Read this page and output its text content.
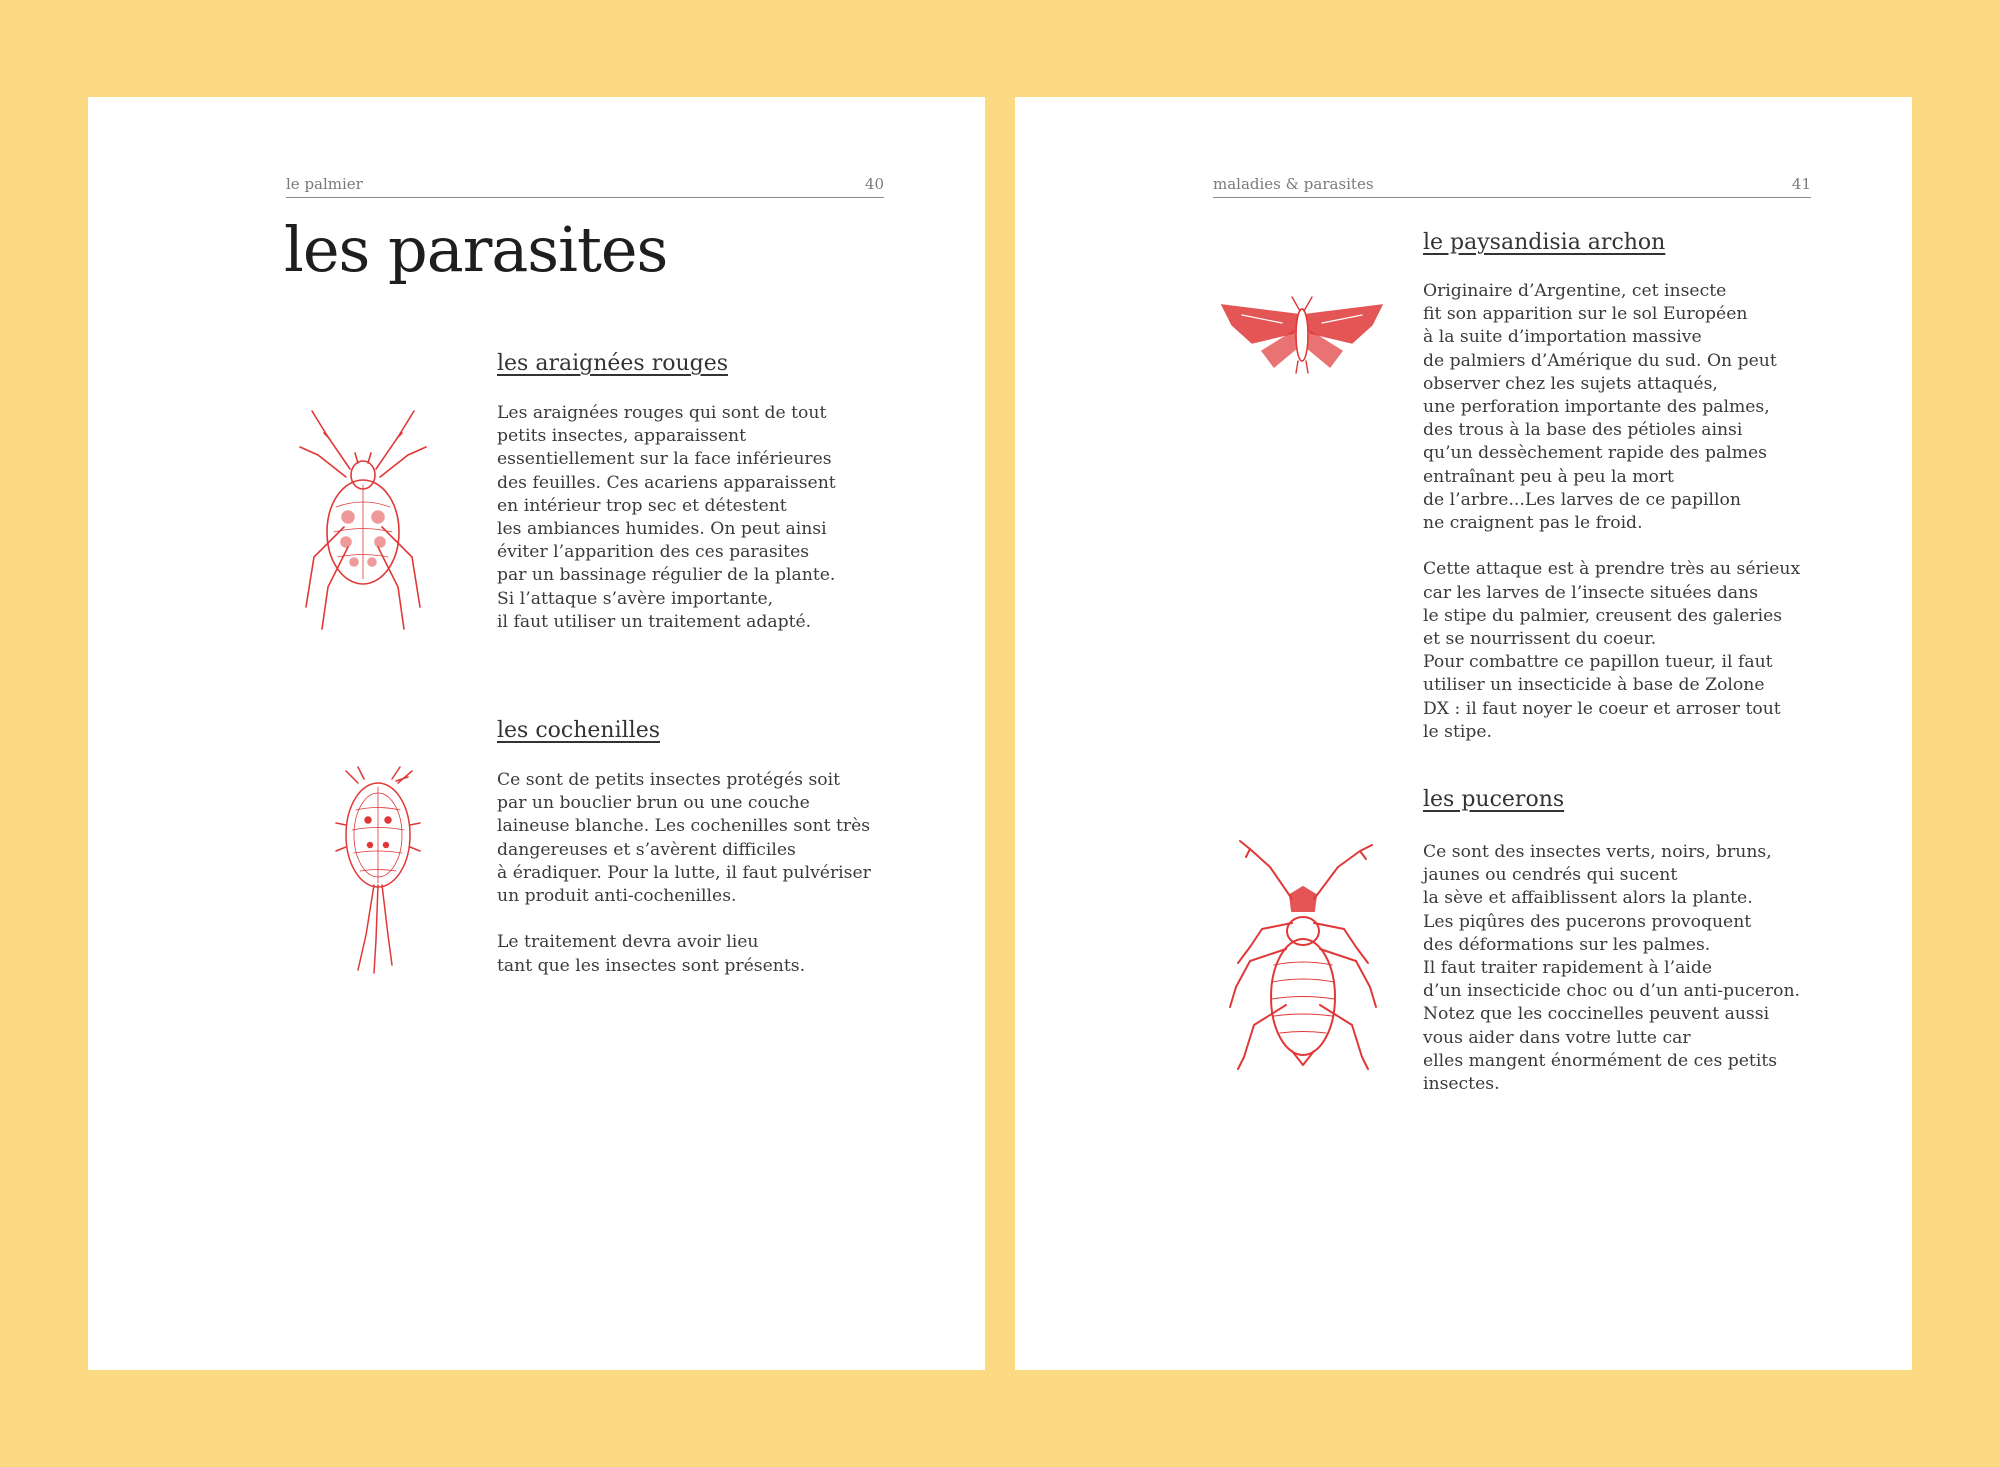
le palmier	40
les parasites
les araignées rouges
Les araignées rouges qui sont de tout
petits insectes, apparaissent
essentiellement sur la face inférieures
des feuilles. Ces acariens apparaissent
en intérieur trop sec et détestent
les ambiances humides. On peut ainsi
éviter l’apparition des ces parasites
par un bassinage régulier de la plante.
Si l’attaque s’avère importante,
il faut utiliser un traitement adapté.
les cochenilles
Ce sont de petits insectes protégés soit
par un bouclier brun ou une couche
laineuse blanche. Les cochenilles sont très
dangereuses et s’avèrent difficiles
à éradiquer. Pour la lutte, il faut pulvériser
un produit anti-cochenilles.
Le traitement devra avoir lieu
tant que les insectes sont présents.
maladies & parasites	41
le paysandisia archon
Originaire d’Argentine, cet insecte
fit son apparition sur le sol Européen
à la suite d’importation massive
de palmiers d’Amérique du sud. On peut
observer chez les sujets attaqués,
une perforation importante des palmes,
des trous à la base des pétioles ainsi
qu’un dessèchement rapide des palmes
entraînant peu à peu la mort
de l’arbre...Les larves de ce papillon
ne craignent pas le froid.
Cette attaque est à prendre très au sérieux
car les larves de l’insecte situées dans
le stipe du palmier, creusent des galeries
et se nourrissent du coeur.
Pour combattre ce papillon tueur, il faut
utiliser un insecticide à base de Zolone
DX : il faut noyer le coeur et arroser tout
le stipe.
les pucerons
Ce sont des insectes verts, noirs, bruns,
jaunes ou cendrés qui sucent
la sève et affaiblissent alors la plante.
Les piqûres des pucerons provoquent
des déformations sur les palmes.
Il faut traiter rapidement à l’aide
d’un insecticide choc ou d’un anti-puceron.
Notez que les coccinelles peuvent aussi
vous aider dans votre lutte car
elles mangent énormément de ces petits
insectes.
